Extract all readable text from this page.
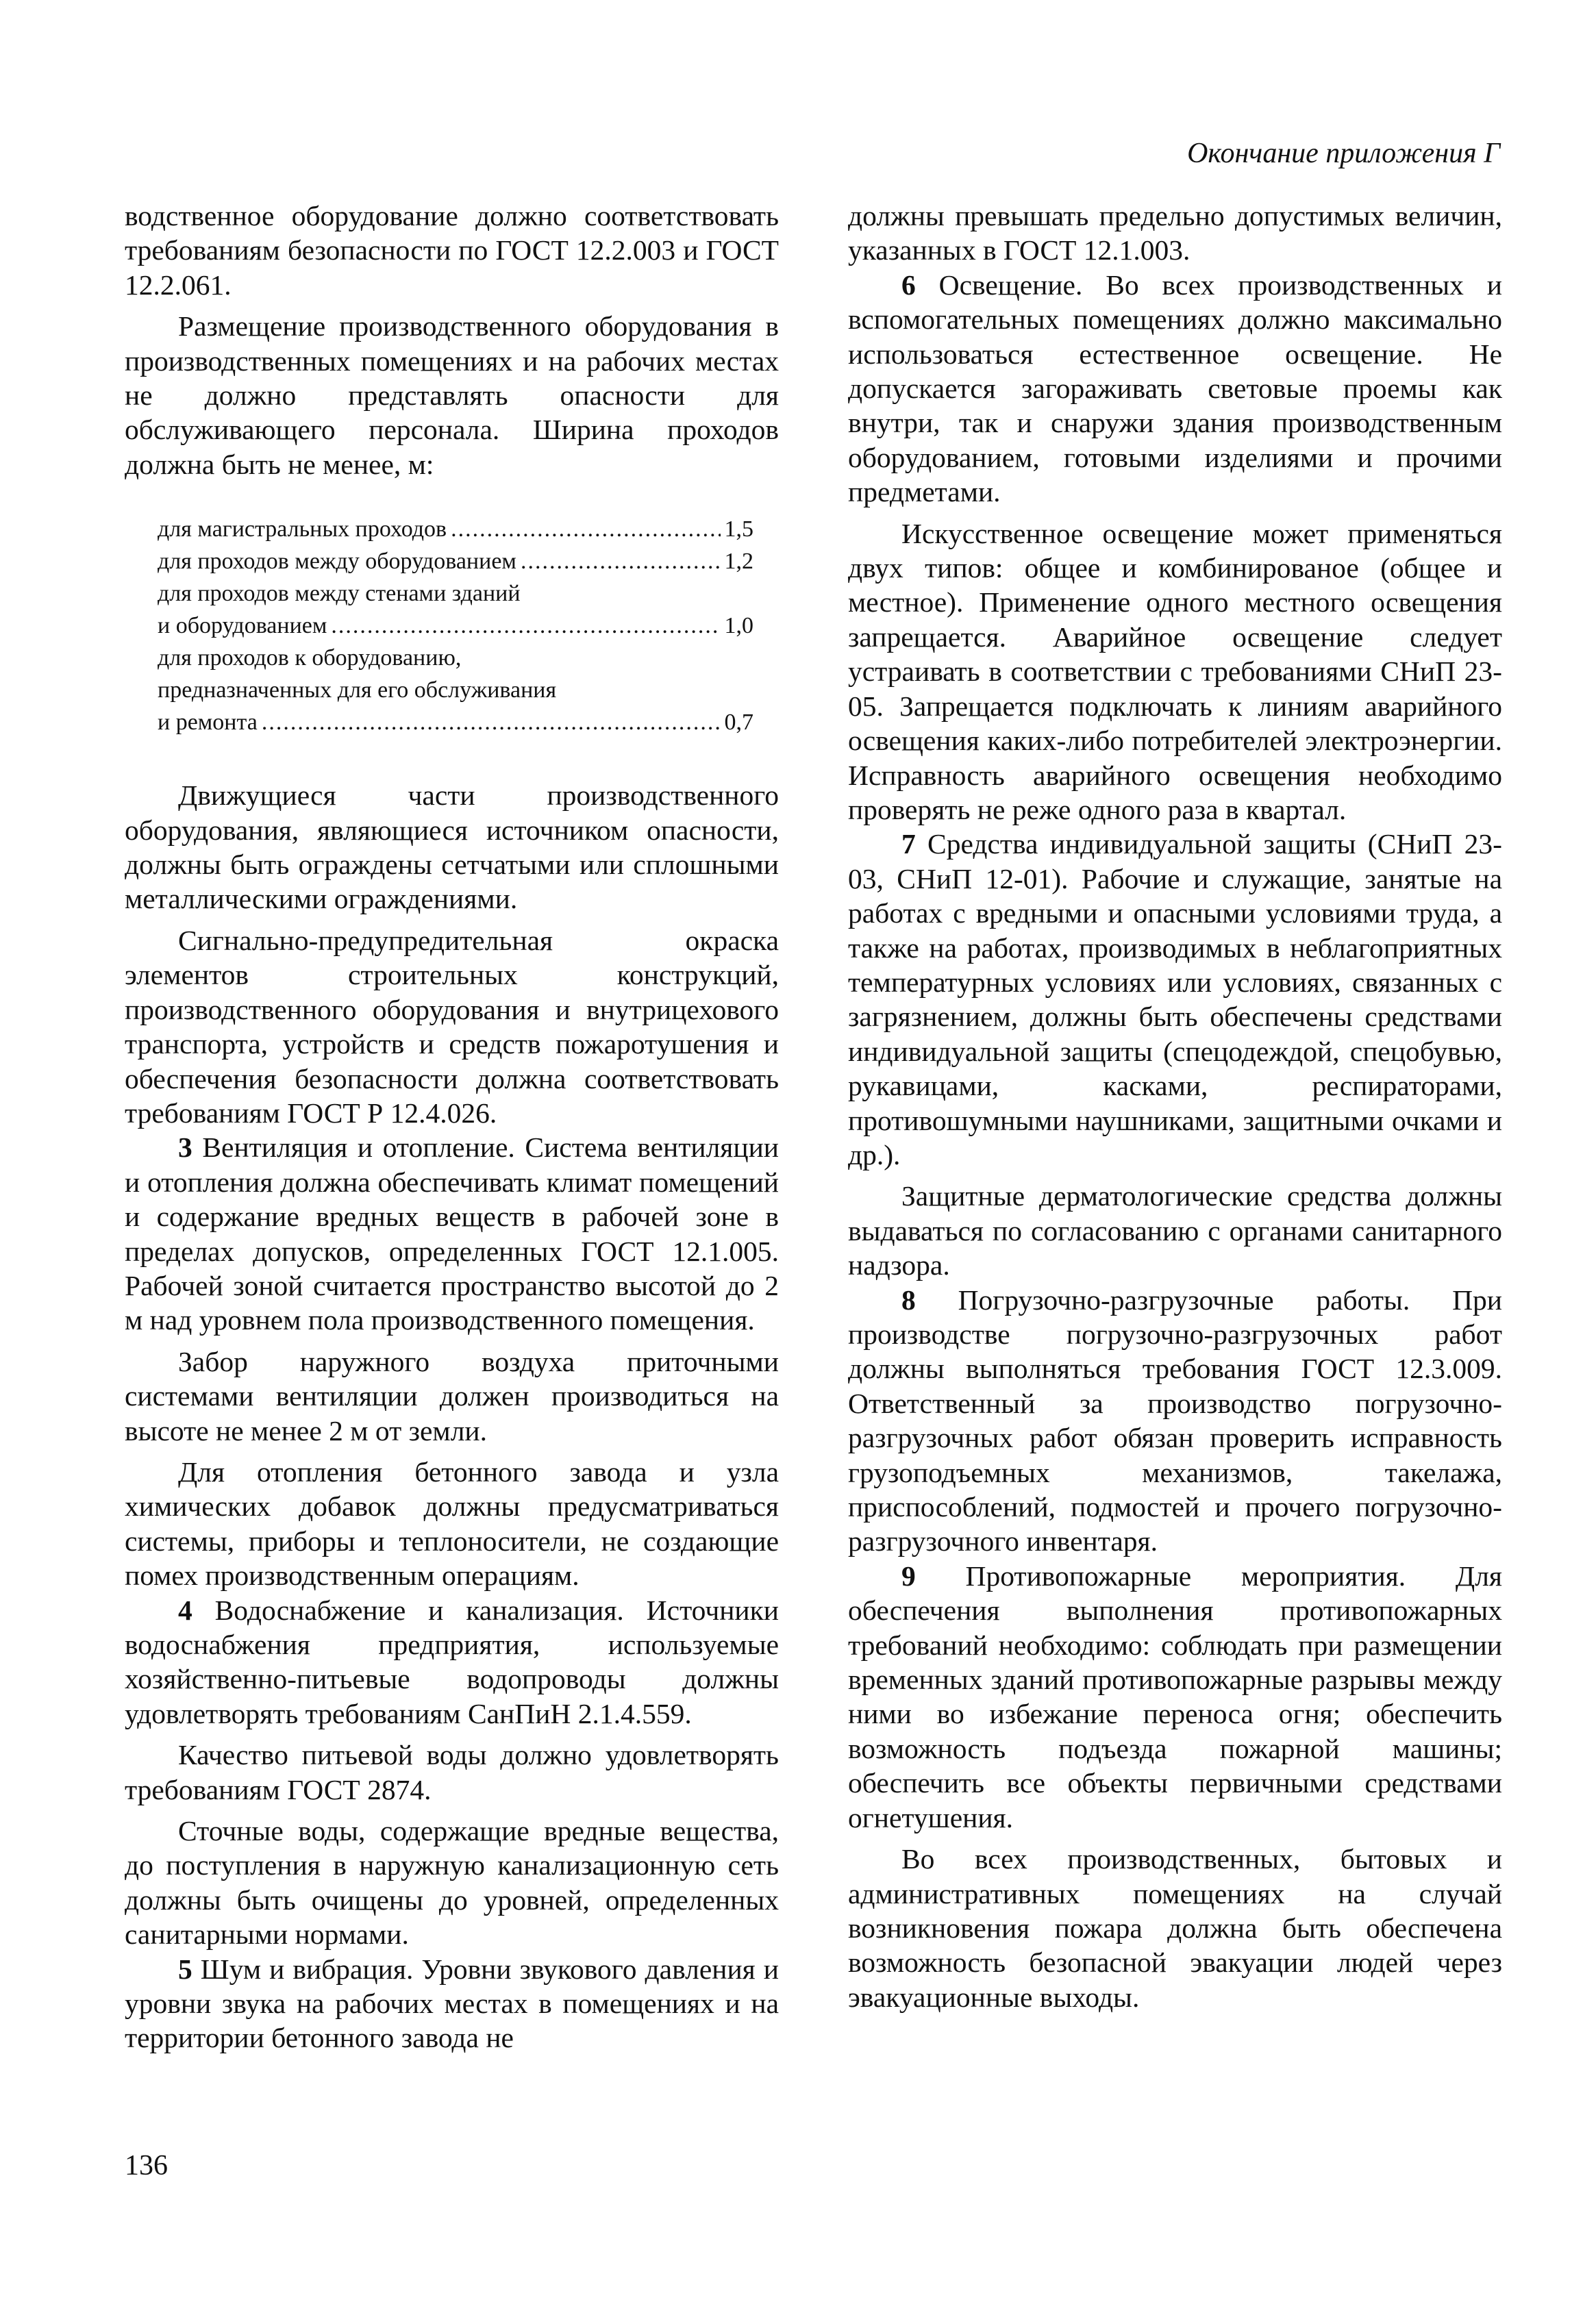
Окончание приложения Г

водственное оборудование должно соответствовать требованиям безопасности по ГОСТ 12.2.003 и ГОСТ 12.2.061.

Размещение производственного оборудования в производственных помещениях и на рабочих местах не должно представлять опасности для обслуживающего персонала. Ширина проходов должна быть не менее, м:

для магистральных проходов .....	1,5
для проходов между оборудованием .....	1,2
для проходов между стенами зданий
и оборудованием .....	1,0
для проходов к оборудованию,
предназначенных для его обслуживания
и ремонта .....	0,7

Движущиеся части производственного оборудования, являющиеся источником опасности, должны быть ограждены сетчатыми или сплошными металлическими ограждениями.

Сигнально-предупредительная окраска элементов строительных конструкций, производственного оборудования и внутрицехового транспорта, устройств и средств пожаротушения и обеспечения безопасности должна соответствовать требованиям ГОСТ Р 12.4.026.

3 Вентиляция и отопление. Система вентиляции и отопления должна обеспечивать климат помещений и содержание вредных веществ в рабочей зоне в пределах допусков, определенных ГОСТ 12.1.005. Рабочей зоной считается пространство высотой до 2 м над уровнем пола производственного помещения.

Забор наружного воздуха приточными системами вентиляции должен производиться на высоте не менее 2 м от земли.

Для отопления бетонного завода и узла химических добавок должны предусматриваться системы, приборы и теплоносители, не создающие помех производственным операциям.

4 Водоснабжение и канализация. Источники водоснабжения предприятия, используемые хозяйственно-питьевые водопроводы должны удовлетворять требованиям СанПиН 2.1.4.559.

Качество питьевой воды должно удовлетворять требованиям ГОСТ 2874.

Сточные воды, содержащие вредные вещества, до поступления в наружную канализационную сеть должны быть очищены до уровней, определенных санитарными нормами.

5 Шум и вибрация. Уровни звукового давления и уровни звука на рабочих местах в помещениях и на территории бетонного завода не

должны превышать предельно допустимых величин, указанных в ГОСТ 12.1.003.

6 Освещение. Во всех производственных и вспомогательных помещениях должно максимально использоваться естественное освещение. Не допускается загораживать световые проемы как внутри, так и снаружи здания производственным оборудованием, готовыми изделиями и прочими предметами.

Искусственное освещение может применяться двух типов: общее и комбинированое (общее и местное). Применение одного местного освещения запрещается. Аварийное освещение следует устраивать в соответствии с требованиями СНиП 23-05. Запрещается подключать к линиям аварийного освещения каких-либо потребителей электроэнергии. Исправность аварийного освещения необходимо проверять не реже одного раза в квартал.

7 Средства индивидуальной защиты (СНиП 23-03, СНиП 12-01). Рабочие и служащие, занятые на работах с вредными и опасными условиями труда, а также на работах, производимых в неблагоприятных температурных условиях или условиях, связанных с загрязнением, должны быть обеспечены средствами индивидуальной защиты (спецодеждой, спецобувью, рукавицами, касками, респираторами, противошумными наушниками, защитными очками и др.).

Защитные дерматологические средства должны выдаваться по согласованию с органами санитарного надзора.

8 Погрузочно-разгрузочные работы. При производстве погрузочно-разгрузочных работ должны выполняться требования ГОСТ 12.3.009. Ответственный за производство погрузочно-разгрузочных работ обязан проверить исправность грузоподъемных механизмов, такелажа, приспособлений, подмостей и прочего погрузочно-разгрузочного инвентаря.

9 Противопожарные мероприятия. Для обеспечения выполнения противопожарных требований необходимо: соблюдать при размещении временных зданий противопожарные разрывы между ними во избежание переноса огня; обеспечить возможность подъезда пожарной машины; обеспечить все объекты первичными средствами огнетушения.

Во всех производственных, бытовых и административных помещениях на случай возникновения пожара должна быть обеспечена возможность безопасной эвакуации людей через эвакуационные выходы.

136
